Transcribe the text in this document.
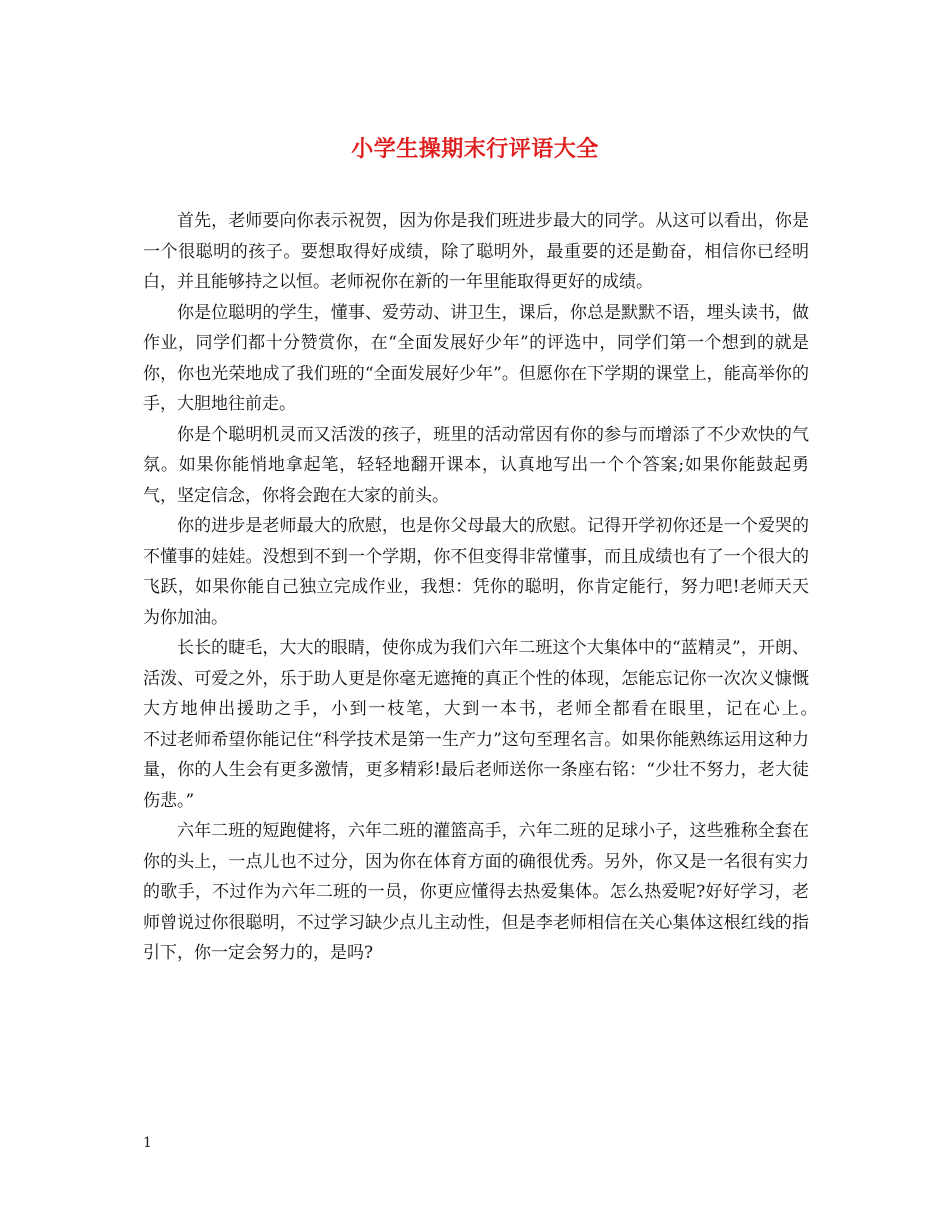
小学生操期末行评语大全

首先，老师要向你表示祝贺，因为你是我们班进步最大的同学。从这可以看出，你是一个很聪明的孩子。要想取得好成绩，除了聪明外，最重要的还是勤奋，相信你已经明白，并且能够持之以恒。老师祝你在新的一年里能取得更好的成绩。

你是位聪明的学生，懂事、爱劳动、讲卫生，课后，你总是默默不语，埋头读书，做作业，同学们都十分赞赏你，在“全面发展好少年”的评选中，同学们第一个想到的就是你，你也光荣地成了我们班的“全面发展好少年”。但愿你在下学期的课堂上，能高举你的手，大胆地往前走。

你是个聪明机灵而又活泼的孩子，班里的活动常因有你的参与而增添了不少欢快的气氛。如果你能悄地拿起笔，轻轻地翻开课本，认真地写出一个个答案;如果你能鼓起勇气，坚定信念，你将会跑在大家的前头。

你的进步是老师最大的欣慰，也是你父母最大的欣慰。记得开学初你还是一个爱哭的不懂事的娃娃。没想到不到一个学期，你不但变得非常懂事，而且成绩也有了一个很大的飞跃，如果你能自己独立完成作业，我想：凭你的聪明，你肯定能行，努力吧!老师天天为你加油。

长长的睫毛，大大的眼睛，使你成为我们六年二班这个大集体中的“蓝精灵”，开朗、活泼、可爱之外，乐于助人更是你毫无遮掩的真正个性的体现，怎能忘记你一次次义慷慨大方地伸出援助之手，小到一枝笔，大到一本书，老师全都看在眼里，记在心上。　　　不过老师希望你能记住“科学技术是第一生产力”这句至理名言。如果你能熟练运用这种力量，你的人生会有更多激情，更多精彩!最后老师送你一条座右铭：“少壮不努力，老大徒伤悲。”

六年二班的短跑健将，六年二班的灌篮高手，六年二班的足球小子，这些雅称全套在你的头上，一点儿也不过分，因为你在体育方面的确很优秀。另外，你又是一名很有实力的歌手，不过作为六年二班的一员，你更应懂得去热爱集体。怎么热爱呢?好好学习，老师曾说过你很聪明，不过学习缺少点儿主动性，但是李老师相信在关心集体这根红线的指引下，你一定会努力的，是吗?

1
